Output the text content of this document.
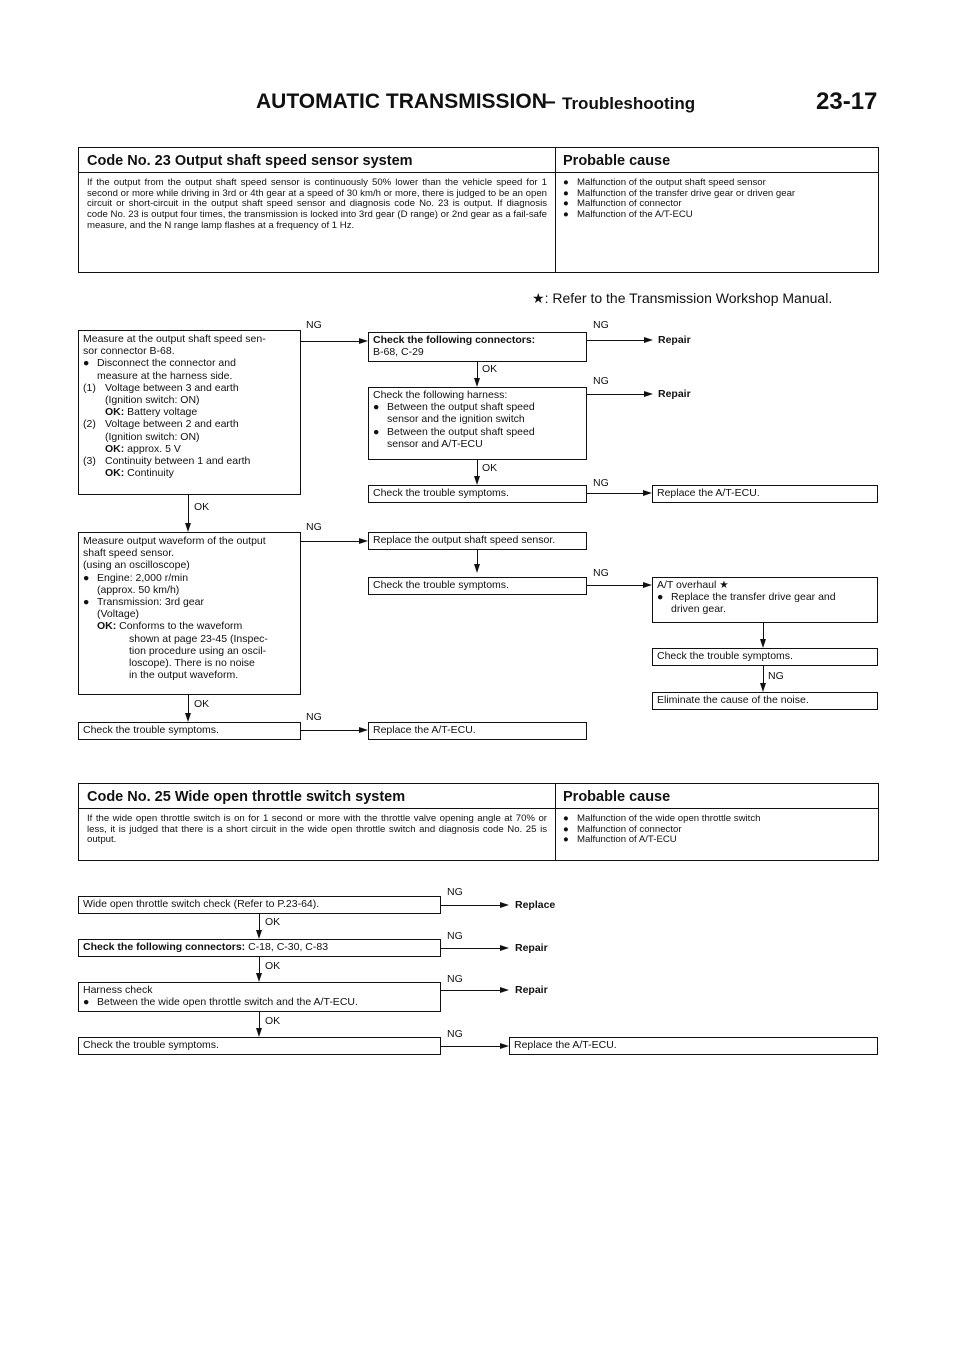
AUTOMATIC TRANSMISSION
– Troubleshooting	23-17
Code No. 23 Output shaft speed sensor system	Probable cause
If the output from the output shaft speed sensor is continuously 50% lower than the vehicle speed for 1 second or more while driving in 3rd or 4th gear at a speed of 30 km/h or more, there is judged to be an open circuit or short-circuit in the output shaft speed sensor and diagnosis code No. 23 is output. If diagnosis code No. 23 is output four times, the transmission is locked into 3rd gear (D range) or 2nd gear as a fail-safe measure, and the N range lamp flashes at a frequency of 1 Hz.
● Malfunction of the output shaft speed sensor
● Malfunction of the transfer drive gear or driven gear
● Malfunction of connector
● Malfunction of the A/T-ECU
★: Refer to the Transmission Workshop Manual.
Measure at the output shaft speed sen-
sor connector B-68.
● Disconnect the connector and
measure at the harness side.
(1) Voltage between 3 and earth
(Ignition switch: ON)
OK: Battery voltage
(2) Voltage between 2 and earth
(Ignition switch: ON)
OK: approx. 5 V
(3) Continuity between 1 and earth
OK: Continuity
NG
Check the following connectors:
B-68, C-29
NG
Repair
OK
Check the following harness:
● Between the output shaft speed
sensor and the ignition switch
● Between the output shaft speed
sensor and A/T-ECU
NG
Repair
OK
Check the trouble symptoms.
NG
Replace the A/T-ECU.
OK
Measure output waveform of the output
shaft speed sensor.
(using an oscilloscope)
● Engine: 2,000 r/min
(approx. 50 km/h)
● Transmission: 3rd gear
(Voltage)
OK: Conforms to the waveform
shown at page 23-45 (Inspec-
tion procedure using an oscil-
loscope). There is no noise
in the output waveform.
NG
Replace the output shaft speed sensor.
Check the trouble symptoms.
NG
A/T overhaul ★
● Replace the transfer drive gear and
driven gear.
Check the trouble symptoms.
NG
Eliminate the cause of the noise.
OK
Check the trouble symptoms.
NG
Replace the A/T-ECU.
Code No. 25 Wide open throttle switch system	Probable cause
If the wide open throttle switch is on for 1 second or more with the throttle valve opening angle at 70% or less, it is judged that there is a short circuit in the wide open throttle switch and diagnosis code No. 25 is output.
● Malfunction of the wide open throttle switch
● Malfunction of connector
● Malfunction of A/T-ECU
Wide open throttle switch check (Refer to P.23-64).
NG
Replace
OK
Check the following connectors: C-18, C-30, C-83
NG
Repair
OK
Harness check
● Between the wide open throttle switch and the A/T-ECU.
NG
Repair
OK
Check the trouble symptoms.
NG
Replace the A/T-ECU.
